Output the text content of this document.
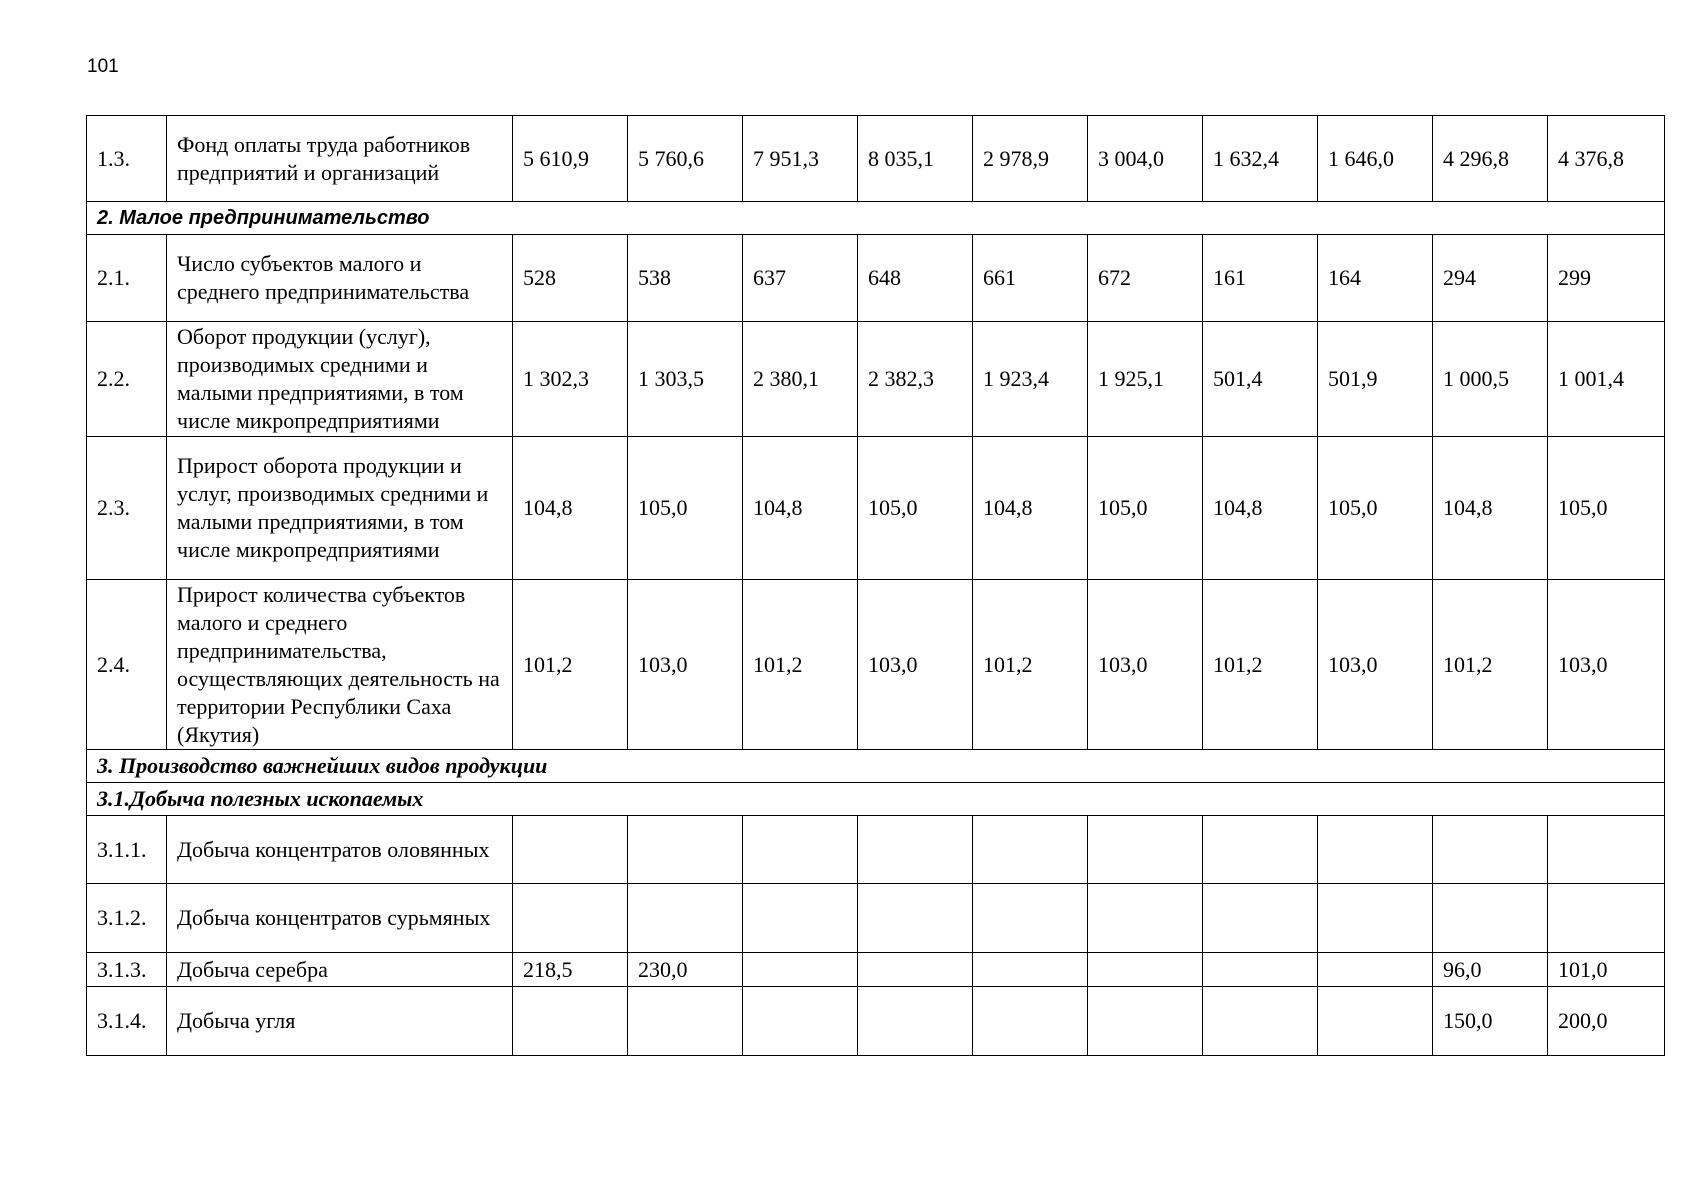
101
1.3.	Фонд оплаты труда работников предприятий и организаций	5 610,9	5 760,6	7 951,3	8 035,1	2 978,9	3 004,0	1 632,4	1 646,0	4 296,8	4 376,8
2. Малое предпринимательство											
2.1.	Число субъектов малого и среднего предпринимательства	528	538	637	648	661	672	161	164	294	299
2.2.	Оборот продукции (услуг), производимых средними и малыми предприятиями, в том числе микропредприятиями	1 302,3	1 303,5	2 380,1	2 382,3	1 923,4	1 925,1	501,4	501,9	1 000,5	1 001,4
2.3.	Прирост оборота продукции и услуг, производимых средними и малыми предприятиями, в том числе микропредприятиями	104,8	105,0	104,8	105,0	104,8	105,0	104,8	105,0	104,8	105,0
2.4.	Прирост количества субъектов малого и среднего предпринимательства, осуществляющих деятельность на территории Республики Саха (Якутия)	101,2	103,0	101,2	103,0	101,2	103,0	101,2	103,0	101,2	103,0
3. Производство важнейших видов продукции											
3.1.Добыча полезных ископаемых											
3.1.1.	Добыча концентратов оловянных										
3.1.2.	Добыча концентратов сурьмяных										
3.1.3.	Добыча серебра	218,5	230,0							96,0	101,0
3.1.4.	Добыча угля									150,0	200,0
